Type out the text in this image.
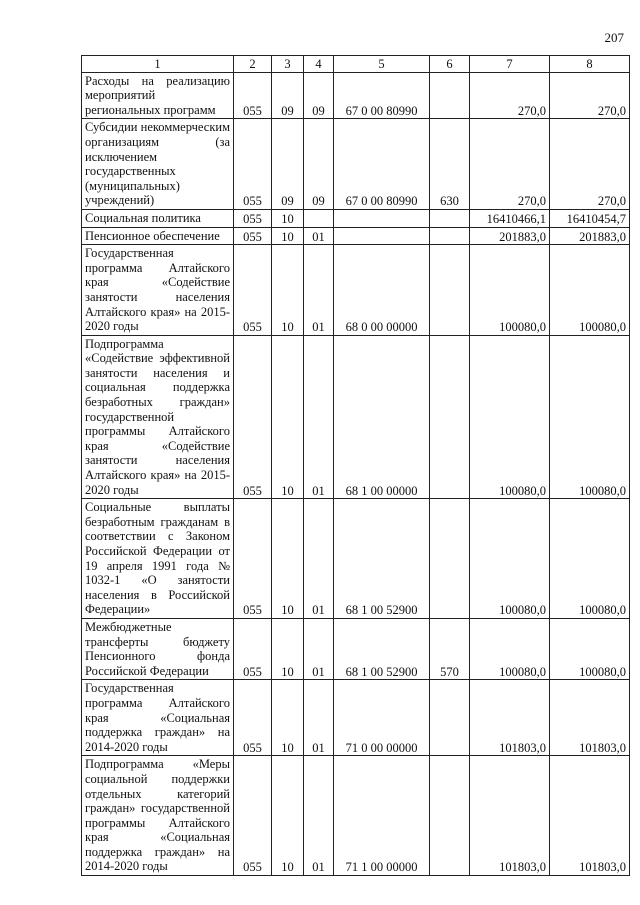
207
1	2	3	4	5	6	7	8
Расходы на реализацию мероприятий региональных программ	055	09	09	67 0 00 80990		270,0	270,0
Субсидии некоммерческим организациям (за исключением государственных (муниципальных) учреждений)	055	09	09	67 0 00 80990	630	270,0	270,0
Социальная политика	055	10				16410466,1	16410454,7
Пенсионное обеспечение	055	10	01			201883,0	201883,0
Государственная программа Алтайского края «Содействие занятости населения Алтайского края» на 2015-2020 годы	055	10	01	68 0 00 00000		100080,0	100080,0
Подпрограмма «Содействие эффективной занятости населения и социальная поддержка безработных граждан» государственной программы Алтайского края «Содействие занятости населения Алтайского края» на 2015-2020 годы	055	10	01	68 1 00 00000		100080,0	100080,0
Социальные выплаты безработным гражданам в соответствии с Законом Российской Федерации от 19 апреля 1991 года № 1032-1 «О занятости населения в Российской Федерации»	055	10	01	68 1 00 52900		100080,0	100080,0
Межбюджетные трансферты бюджету Пенсионного фонда Российской Федерации	055	10	01	68 1 00 52900	570	100080,0	100080,0
Государственная программа Алтайского края «Социальная поддержка граждан» на 2014-2020 годы	055	10	01	71 0 00 00000		101803,0	101803,0
Подпрограмма «Меры социальной поддержки отдельных категорий граждан» государственной программы Алтайского края «Социальная поддержка граждан» на 2014-2020 годы	055	10	01	71 1 00 00000		101803,0	101803,0
